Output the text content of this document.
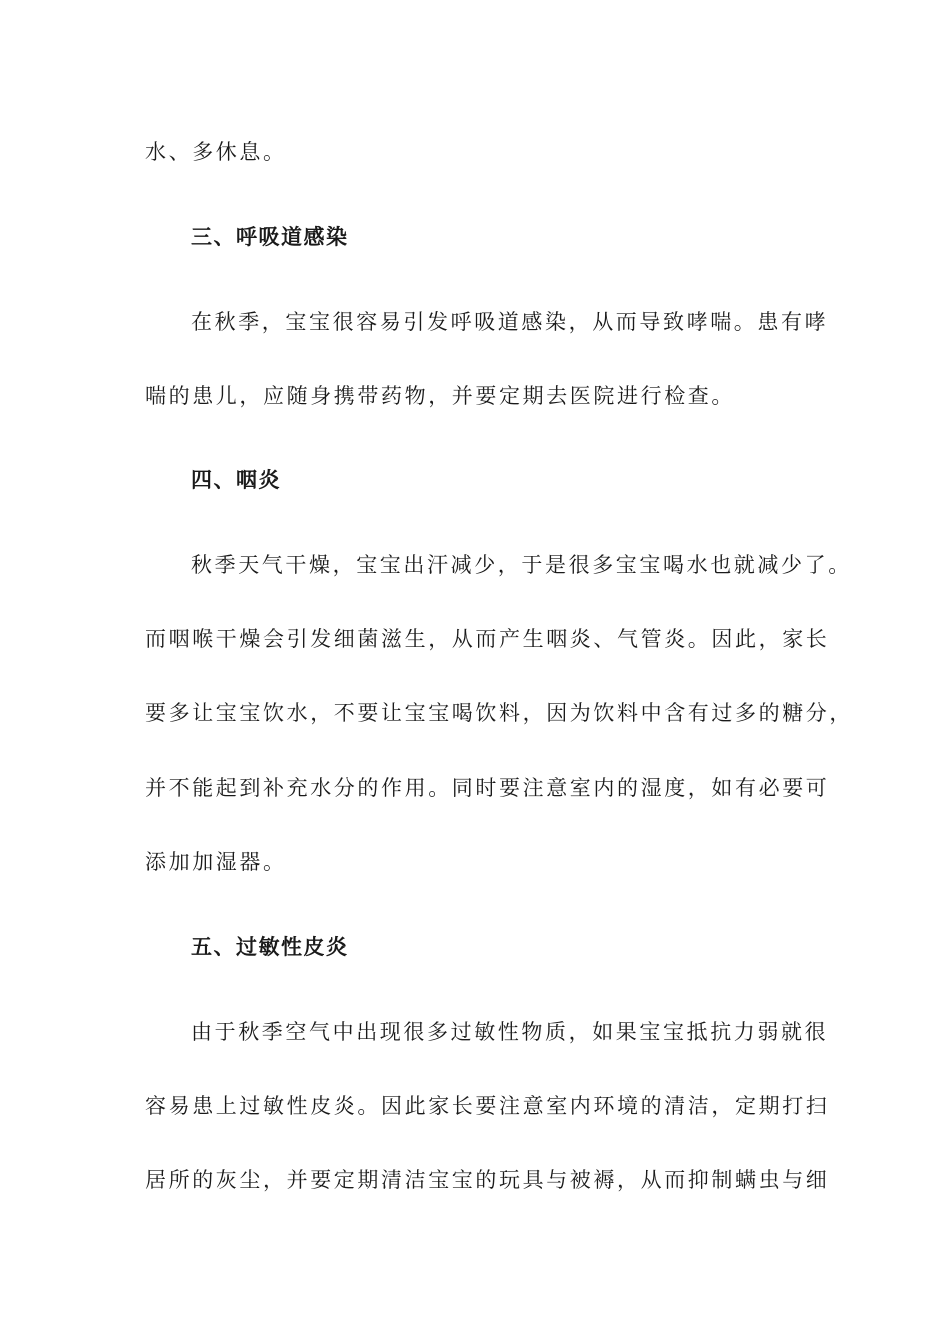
水、多休息。
三、呼吸道感染
在秋季，宝宝很容易引发呼吸道感染，从而导致哮喘。患有哮
喘的患儿，应随身携带药物，并要定期去医院进行检查。
四、咽炎
秋季天气干燥，宝宝出汗减少，于是很多宝宝喝水也就减少了。
而咽喉干燥会引发细菌滋生，从而产生咽炎、气管炎。因此，家长
要多让宝宝饮水，不要让宝宝喝饮料，因为饮料中含有过多的糖分，
并不能起到补充水分的作用。同时要注意室内的湿度，如有必要可
添加加湿器。
五、过敏性皮炎
由于秋季空气中出现很多过敏性物质，如果宝宝抵抗力弱就很
容易患上过敏性皮炎。因此家长要注意室内环境的清洁，定期打扫
居所的灰尘，并要定期清洁宝宝的玩具与被褥，从而抑制螨虫与细
